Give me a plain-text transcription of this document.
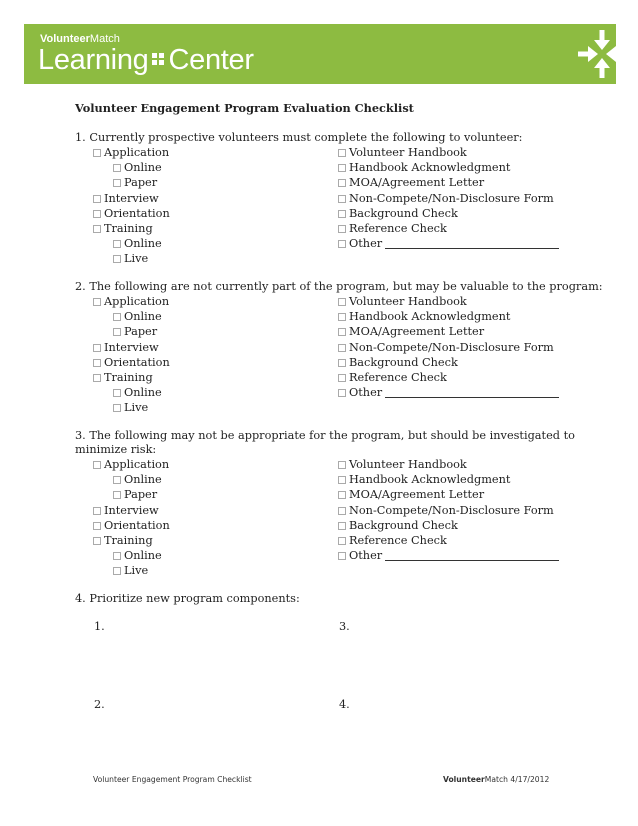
VolunteerMatch
Learning Center
Volunteer Engagement Program Evaluation Checklist
1. Currently prospective volunteers must complete the following to volunteer:
Application
Online
Paper
Interview
Orientation
Training
Online
Live
Volunteer Handbook
Handbook Acknowledgment
MOA/Agreement Letter
Non-Compete/Non-Disclosure Form
Background Check
Reference Check
Other
2. The following are not currently part of the program, but may be valuable to the program:
Application
Online
Paper
Interview
Orientation
Training
Online
Live
Volunteer Handbook
Handbook Acknowledgment
MOA/Agreement Letter
Non-Compete/Non-Disclosure Form
Background Check
Reference Check
Other
3. The following may not be appropriate for the program, but should be investigated to
minimize risk:
Application
Online
Paper
Interview
Orientation
Training
Online
Live
Volunteer Handbook
Handbook Acknowledgment
MOA/Agreement Letter
Non-Compete/Non-Disclosure Form
Background Check
Reference Check
Other
4. Prioritize new program components:
1.	3.
2.	4.
Volunteer Engagement Program Checklist	VolunteerMatch 4/17/2012
